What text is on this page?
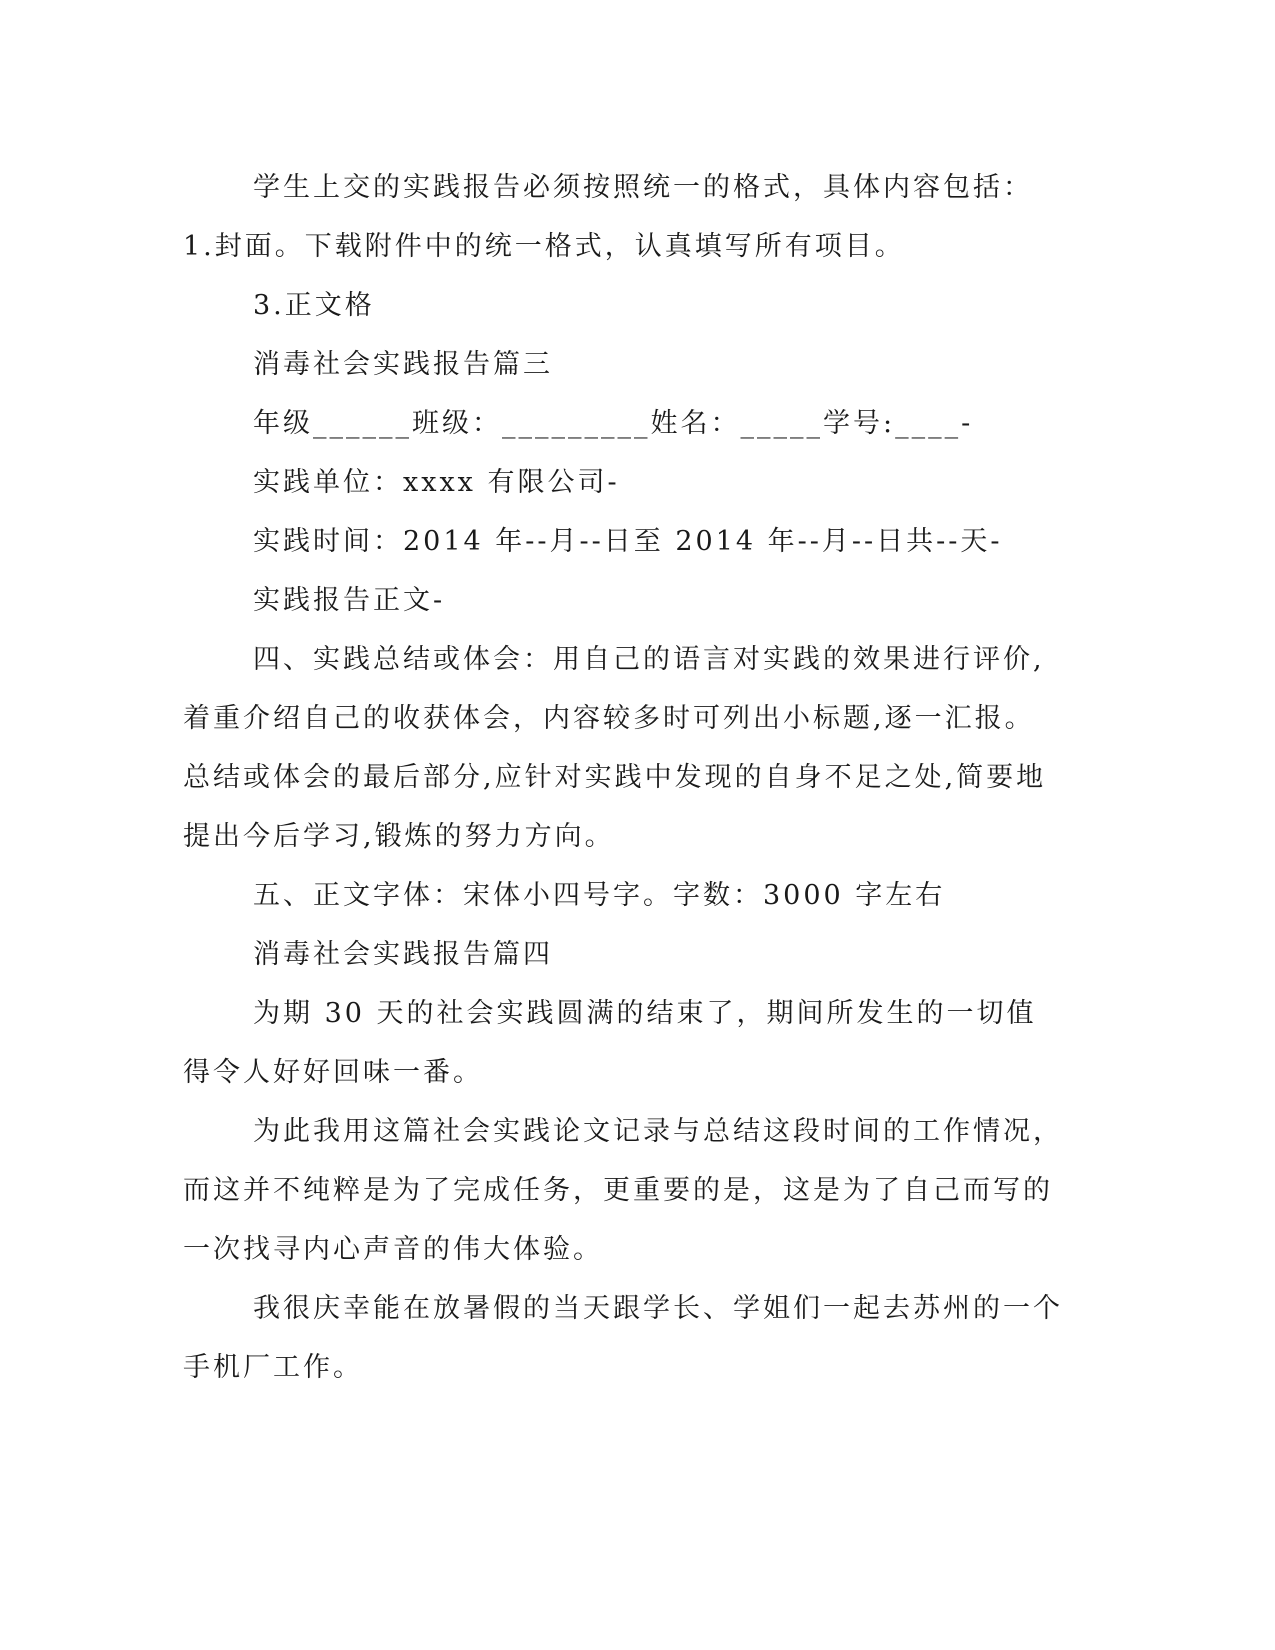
学生上交的实践报告必须按照统一的格式，具体内容包括：1.封面。下载附件中的统一格式，认真填写所有项目。

3.正文格

消毒社会实践报告篇三

年级______班级：_________姓名：_____学号:____-

实践单位：xxxx 有限公司-

实践时间：2014 年--月--日至 2014 年--月--日共--天-

实践报告正文-

四、实践总结或体会：用自己的语言对实践的效果进行评价,着重介绍自己的收获体会，内容较多时可列出小标题,逐一汇报。总结或体会的最后部分,应针对实践中发现的自身不足之处,简要地提出今后学习,锻炼的努力方向。

五、正文字体：宋体小四号字。字数：3000 字左右

消毒社会实践报告篇四

为期 30 天的社会实践圆满的结束了，期间所发生的一切值得令人好好回味一番。

为此我用这篇社会实践论文记录与总结这段时间的工作情况，而这并不纯粹是为了完成任务，更重要的是，这是为了自己而写的一次找寻内心声音的伟大体验。

我很庆幸能在放暑假的当天跟学长、学姐们一起去苏州的一个手机厂工作。
